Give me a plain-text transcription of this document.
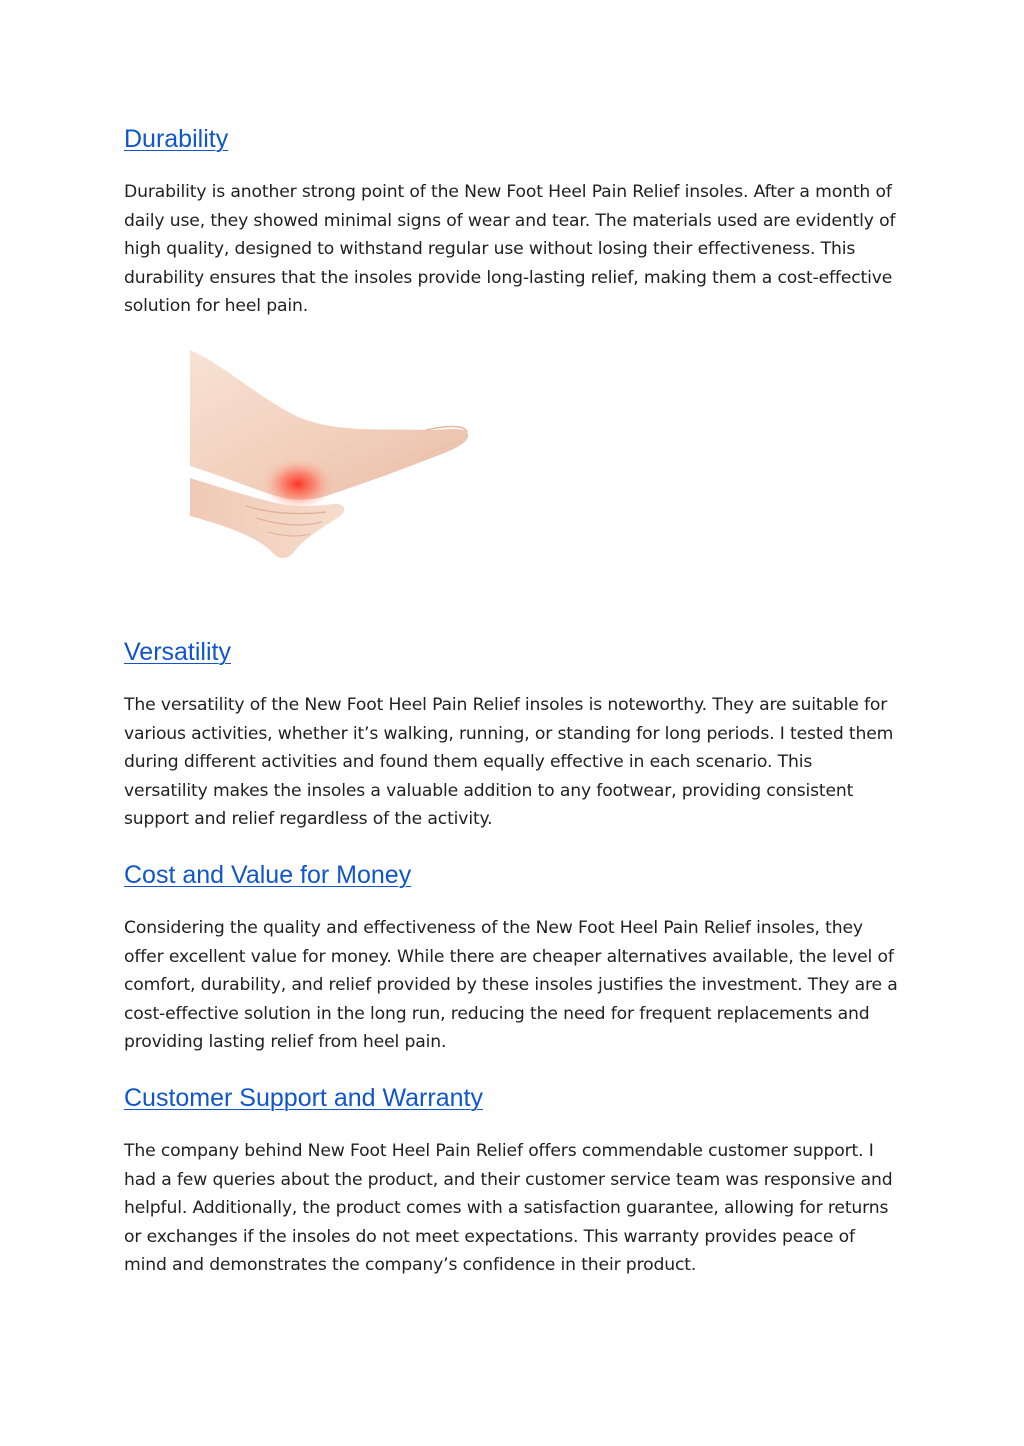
Durability

Durability is another strong point of the New Foot Heel Pain Relief insoles. After a month of daily use, they showed minimal signs of wear and tear. The materials used are evidently of high quality, designed to withstand regular use without losing their effectiveness. This durability ensures that the insoles provide long-lasting relief, making them a cost-effective solution for heel pain.

Versatility

The versatility of the New Foot Heel Pain Relief insoles is noteworthy. They are suitable for various activities, whether it’s walking, running, or standing for long periods. I tested them during different activities and found them equally effective in each scenario. This versatility makes the insoles a valuable addition to any footwear, providing consistent support and relief regardless of the activity.

Cost and Value for Money

Considering the quality and effectiveness of the New Foot Heel Pain Relief insoles, they offer excellent value for money. While there are cheaper alternatives available, the level of comfort, durability, and relief provided by these insoles justifies the investment. They are a cost-effective solution in the long run, reducing the need for frequent replacements and providing lasting relief from heel pain.

Customer Support and Warranty

The company behind New Foot Heel Pain Relief offers commendable customer support. I had a few queries about the product, and their customer service team was responsive and helpful. Additionally, the product comes with a satisfaction guarantee, allowing for returns or exchanges if the insoles do not meet expectations. This warranty provides peace of mind and demonstrates the company’s confidence in their product.
